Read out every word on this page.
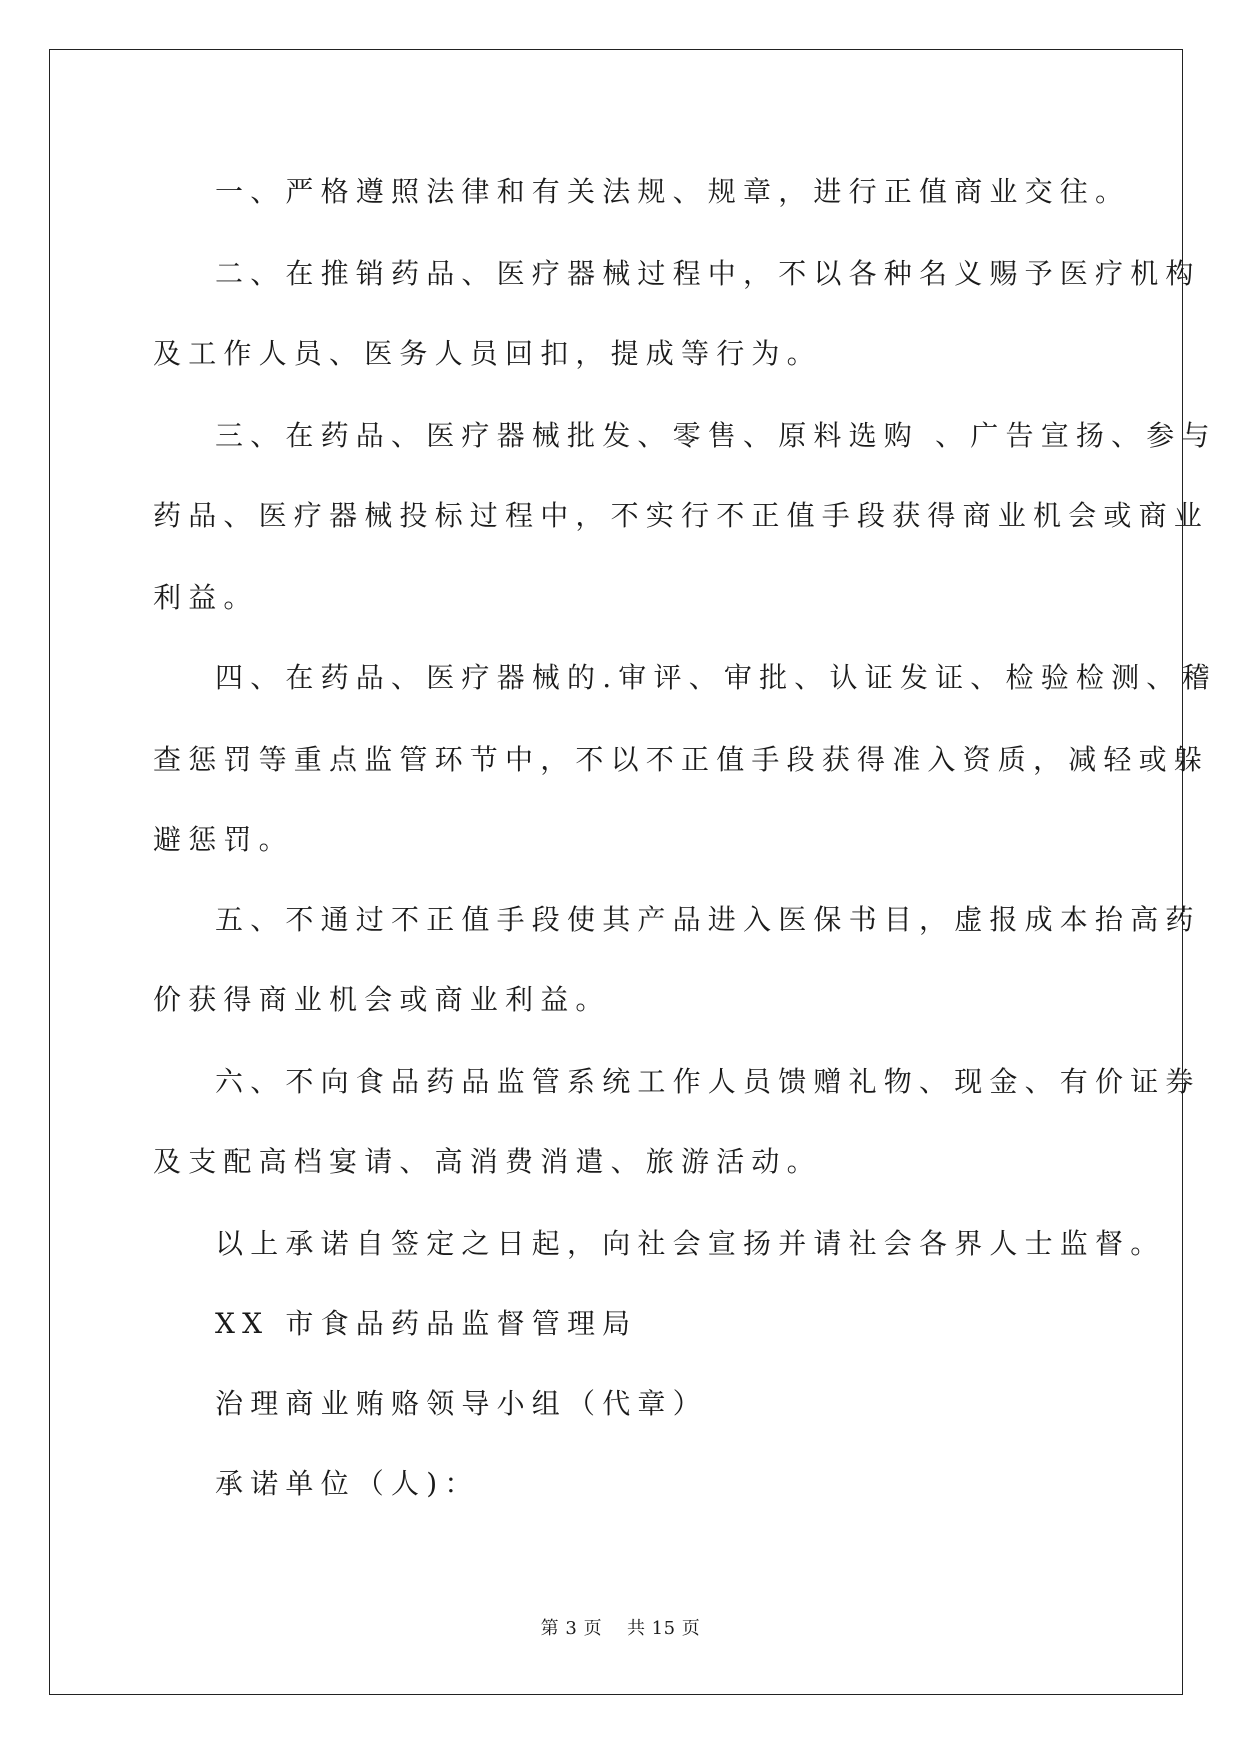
一、严格遵照法律和有关法规、规章，进行正值商业交往。

二、在推销药品、医疗器械过程中，不以各种名义赐予医疗机构

及工作人员、医务人员回扣，提成等行为。

三、在药品、医疗器械批发、零售、原料选购 、广告宣扬、参与

药品、医疗器械投标过程中，不实行不正值手段获得商业机会或商业

利益。

四、在药品、医疗器械的.审评、审批、认证发证、检验检测、稽

查惩罚等重点监管环节中，不以不正值手段获得准入资质，减轻或躲

避惩罚。

五、不通过不正值手段使其产品进入医保书目，虚报成本抬高药

价获得商业机会或商业利益。

六、不向食品药品监管系统工作人员馈赠礼物、现金、有价证券

及支配高档宴请、高消费消遣、旅游活动。

以上承诺自签定之日起，向社会宣扬并请社会各界人士监督。

XX 市食品药品监督管理局

治理商业贿赂领导小组（代章）

承诺单位（人)：

第 3 页    共 15 页
